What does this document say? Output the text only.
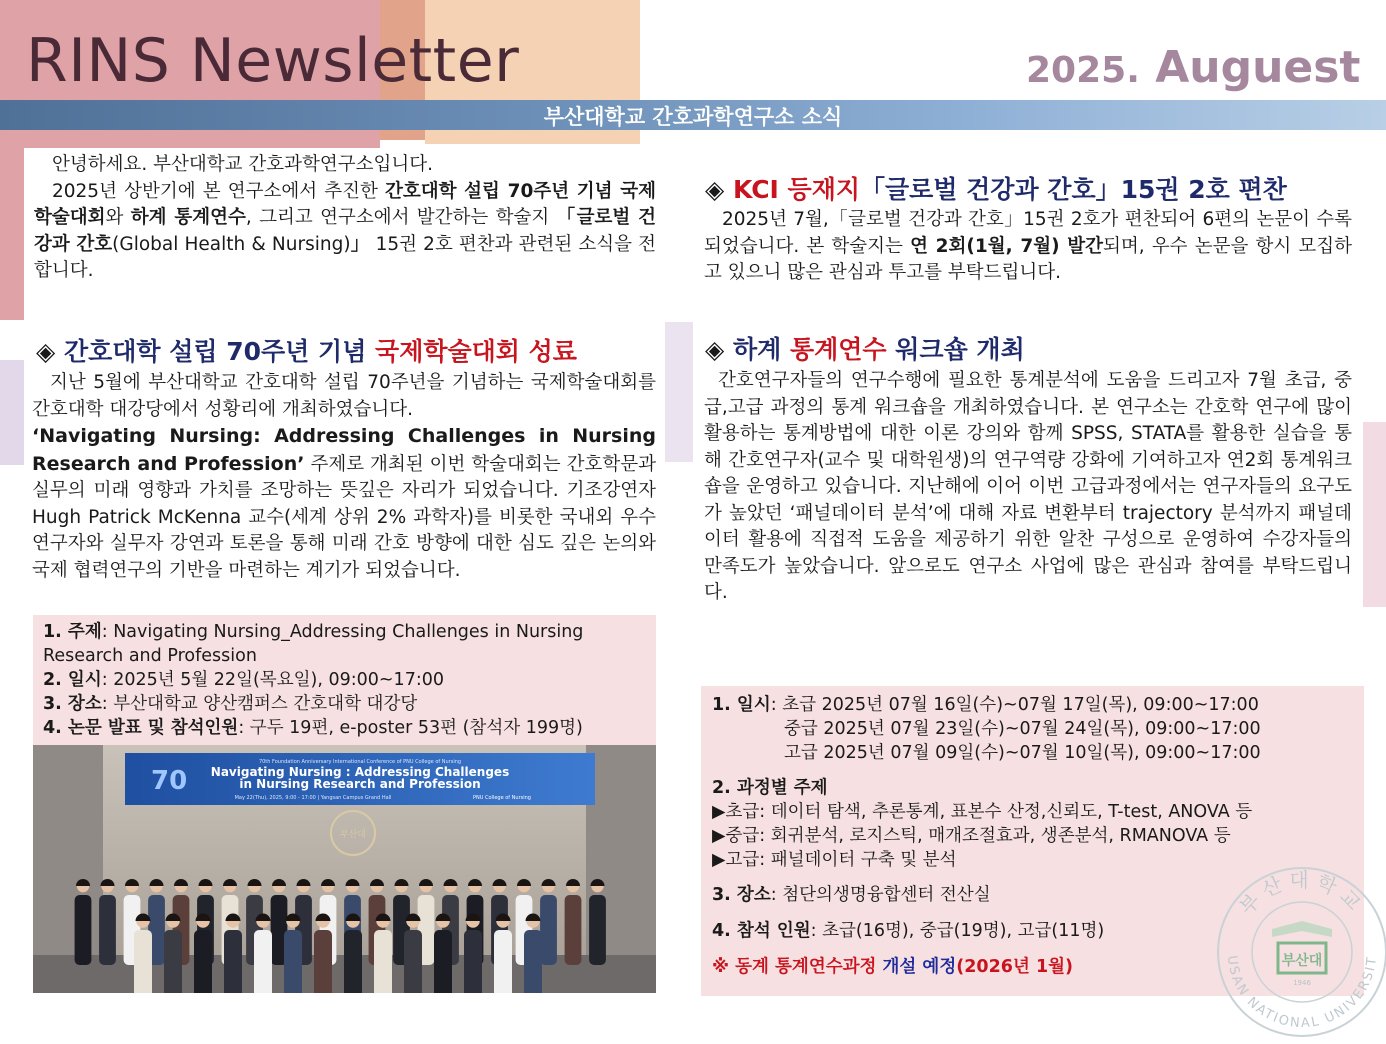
RINS Newsletter	2025. Auguest
부산대학교 간호과학연구소 소식
안녕하세요. 부산대학교 간호과학연구소입니다.
2025년 상반기에 본 연구소에서 추진한 간호대학 설립 70주년 기념 국제학술대회와 하계 통계연수, 그리고 연구소에서 발간하는 학술지 「글로벌 건강과 간호(Global Health & Nursing)」 15권 2호 편찬과 관련된 소식을 전합니다.
◈ 간호대학 설립 70주년 기념 국제학술대회 성료
지난 5월에 부산대학교 간호대학 설립 70주년을 기념하는 국제학술대회를 간호대학 대강당에서 성황리에 개최하였습니다.
‘Navigating Nursing: Addressing Challenges in Nursing Research and Profession’ 주제로 개최된 이번 학술대회는 간호학문과 실무의 미래 영향과 가치를 조망하는 뜻깊은 자리가 되었습니다. 기조강연자 Hugh Patrick McKenna 교수(세계 상위 2% 과학자)를 비롯한 국내외 우수 연구자와 실무자 강연과 토론을 통해 미래 간호 방향에 대한 심도 깊은 논의와 국제 협력연구의 기반을 마련하는 계기가 되었습니다.
1. 주제: Navigating Nursing_Addressing Challenges in Nursing Research and Profession
2. 일시: 2025년 5월 22일(목요일), 09:00~17:00
3. 장소: 부산대학교 양산캠퍼스 간호대학 대강당
4. 논문 발표 및 참석인원: 구두 19편, e-poster 53편 (참석자 199명)
70th Foundation Anniversary International Conference of PNU College of Nursing
Navigating Nursing : Addressing Challenges
in Nursing Research and Profession
May 22(Thu), 2025, 9:00 - 17:00 | Yangsan Campus Grand Hall	PNU College of Nursing
70
부산대
◈ KCI 등재지「글로벌 건강과 간호」15권 2호 편찬
2025년 7월,「글로벌 건강과 간호」15권 2호가 편찬되어 6편의 논문이 수록되었습니다. 본 학술지는 연 2회(1월, 7월) 발간되며, 우수 논문을 항시 모집하고 있으니 많은 관심과 투고를 부탁드립니다.
◈ 하계 통계연수 워크숍 개최
간호연구자들의 연구수행에 필요한 통계분석에 도움을 드리고자 7월 초급, 중급,고급 과정의 통계 워크숍을 개최하였습니다. 본 연구소는 간호학 연구에 많이 활용하는 통계방법에 대한 이론 강의와 함께 SPSS, STATA를 활용한 실습을 통해 간호연구자(교수 및 대학원생)의 연구역량 강화에 기여하고자 연2회 통계워크숍을 운영하고 있습니다. 지난해에 이어 이번 고급과정에서는 연구자들의 요구도가 높았던 ‘패널데이터 분석’에 대해 자료 변환부터 trajectory 분석까지 패널데이터 활용에 직접적 도움을 제공하기 위한 알찬 구성으로 운영하여 수강자들의 만족도가 높았습니다. 앞으로도 연구소 사업에 많은 관심과 참여를 부탁드립니다.
1. 일시: 초급 2025년 07월 16일(수)~07월 17일(목), 09:00~17:00
중급 2025년 07월 23일(수)~07월 24일(목), 09:00~17:00
고급 2025년 07월 09일(수)~07월 10일(목), 09:00~17:00
2. 과정별 주제
▶초급: 데이터 탐색, 추론통계, 표본수 산정,신뢰도, T-test, ANOVA 등
▶중급: 회귀분석, 로지스틱, 매개조절효과, 생존분석, RMANOVA 등
▶고급: 패널데이터 구축 및 분석
3. 장소: 첨단의생명융합센터 전산실
4. 참석 인원: 초급(16명), 중급(19명), 고급(11명)
※ 동계 통계연수과정 개설 예정(2026년 1월)
부산대학교
USAN NATIONAL UNIVERSIT
부산대
1946
